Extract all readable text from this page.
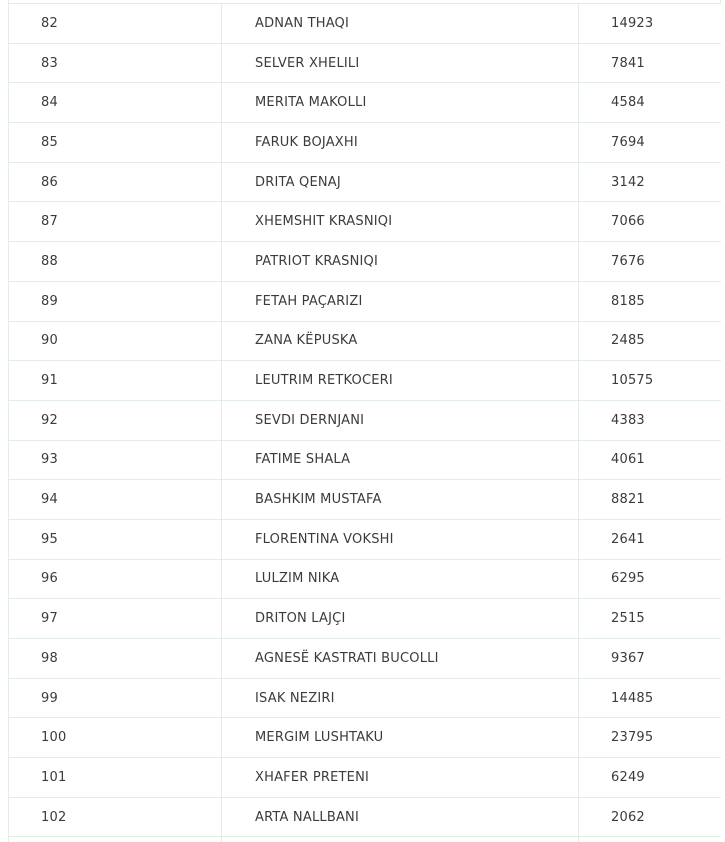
82	ADNAN THAQI	14923
83	SELVER XHELILI	7841
84	MERITA MAKOLLI	4584
85	FARUK BOJAXHI	7694
86	DRITA QENAJ	3142
87	XHEMSHIT KRASNIQI	7066
88	PATRIOT KRASNIQI	7676
89	FETAH PAÇARIZI	8185
90	ZANA KËPUSKA	2485
91	LEUTRIM RETKOCERI	10575
92	SEVDI DERNJANI	4383
93	FATIME SHALA	4061
94	BASHKIM MUSTAFA	8821
95	FLORENTINA VOKSHI	2641
96	LULZIM NIKA	6295
97	DRITON LAJÇI	2515
98	AGNESË KASTRATI BUCOLLI	9367
99	ISAK NEZIRI	14485
100	MERGIM LUSHTAKU	23795
101	XHAFER PRETENI	6249
102	ARTA NALLBANI	2062
